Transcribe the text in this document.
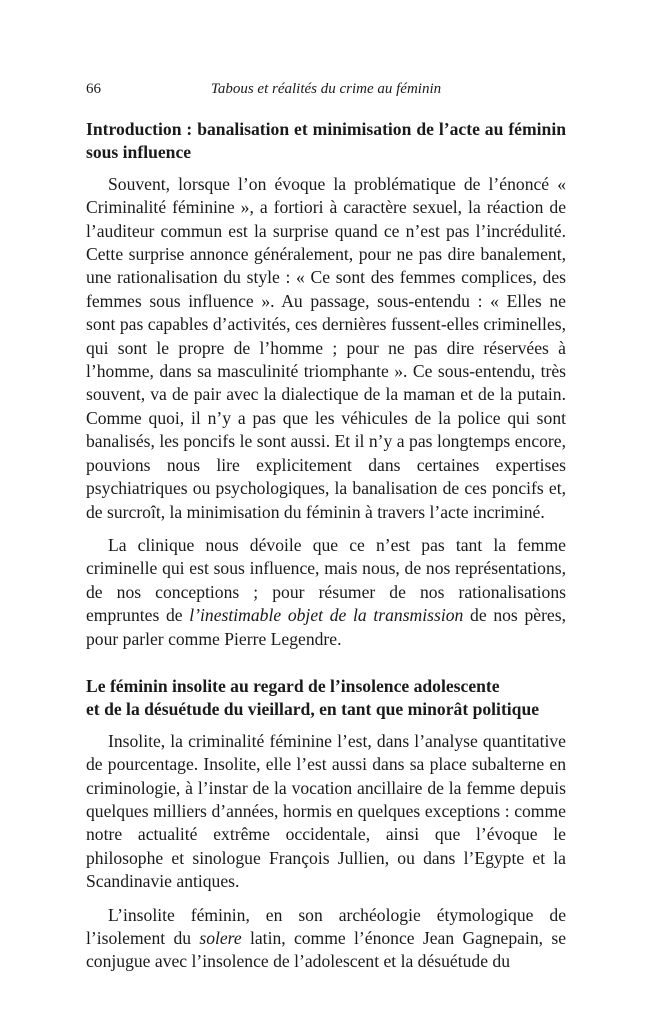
66	Tabous et réalités du crime au féminin
Introduction : banalisation et minimisation de l’acte au féminin sous influence

Souvent, lorsque l’on évoque la problématique de l’énoncé « Criminalité féminine », a fortiori à caractère sexuel, la réaction de l’auditeur commun est la surprise quand ce n’est pas l’incrédulité. Cette surprise annonce généralement, pour ne pas dire banalement, une rationalisation du style : « Ce sont des femmes complices, des femmes sous influence ». Au passage, sous-entendu : « Elles ne sont pas capables d’activités, ces dernières fussent-elles criminelles, qui sont le propre de l’homme ; pour ne pas dire réservées à l’homme, dans sa masculinité triomphante ». Ce sous-entendu, très souvent, va de pair avec la dialectique de la maman et de la putain. Comme quoi, il n’y a pas que les véhicules de la police qui sont banalisés, les poncifs le sont aussi. Et il n’y a pas longtemps encore, pouvions nous lire explicitement dans certaines expertises psychiatriques ou psychologiques, la banalisation de ces poncifs et, de surcroît, la minimisation du féminin à travers l’acte incriminé.

La clinique nous dévoile que ce n’est pas tant la femme criminelle qui est sous influence, mais nous, de nos représentations, de nos conceptions ; pour résumer de nos rationalisations empruntes de l’inestimable objet de la transmission de nos pères, pour parler comme Pierre Legendre.

Le féminin insolite au regard de l’insolence adolescente
et de la désuétude du vieillard, en tant que minorât politique

Insolite, la criminalité féminine l’est, dans l’analyse quantitative de pourcentage. Insolite, elle l’est aussi dans sa place subalterne en criminologie, à l’instar de la vocation ancillaire de la femme depuis quelques milliers d’années, hormis en quelques exceptions : comme notre actualité extrême occidentale, ainsi que l’évoque le philosophe et sinologue François Jullien, ou dans l’Egypte et la Scandinavie antiques.

L’insolite féminin, en son archéologie étymologique de l’isolement du solere latin, comme l’énonce Jean Gagnepain, se conjugue avec l’insolence de l’adolescent et la désuétude du
